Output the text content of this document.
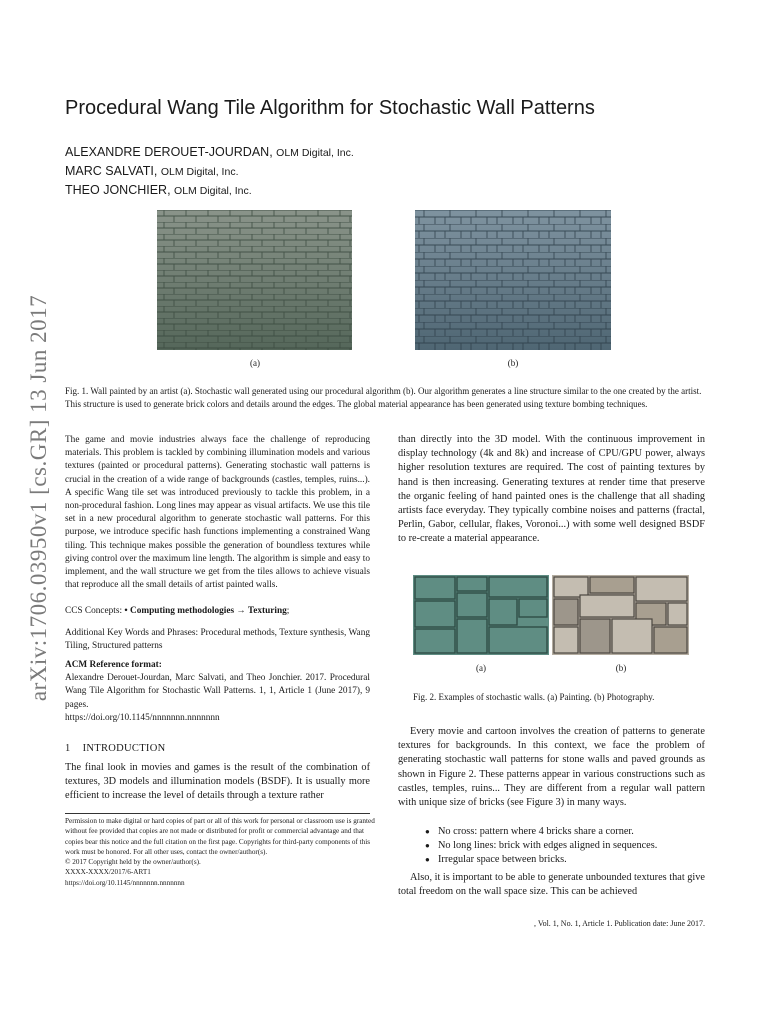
arXiv:1706.03950v1 [cs.GR] 13 Jun 2017
Procedural Wang Tile Algorithm for Stochastic Wall Patterns
ALEXANDRE DEROUET-JOURDAN, OLM Digital, Inc.
MARC SALVATI, OLM Digital, Inc.
THEO JONCHIER, OLM Digital, Inc.
(a)	(b)
Fig. 1. Wall painted by an artist (a). Stochastic wall generated using our procedural algorithm (b). Our algorithm generates a line structure similar to the one created by the artist. This structure is used to generate brick colors and details around the edges. The global material appearance has been generated using texture bombing techniques.

The game and movie industries always face the challenge of reproducing materials. This problem is tackled by combining illumination models and various textures (painted or procedural patterns). Generating stochastic wall patterns is crucial in the creation of a wide range of backgrounds (castles, temples, ruins...). A specific Wang tile set was introduced previously to tackle this problem, in a non-procedural fashion. Long lines may appear as visual artifacts. We use this tile set in a new procedural algorithm to generate stochastic wall patterns. For this purpose, we introduce specific hash functions implementing a constrained Wang tiling. This technique makes possible the generation of boundless textures while giving control over the maximum line length. The algorithm is simple and easy to implement, and the wall structure we get from the tiles allows to achieve visuals that reproduce all the small details of artist painted walls.

CCS Concepts: • Computing methodologies → Texturing;

Additional Key Words and Phrases: Procedural methods, Texture synthesis, Wang Tiling, Structured patterns

ACM Reference format:

Alexandre Derouet-Jourdan, Marc Salvati, and Theo Jonchier. 2017. Procedural Wang Tile Algorithm for Stochastic Wall Patterns. 1, 1, Article 1 (June 2017), 9 pages.

https://doi.org/10.1145/nnnnnnn.nnnnnnn

1 INTRODUCTION

The final look in movies and games is the result of the combination of textures, 3D models and illumination models (BSDF). It is usually more efficient to increase the level of details through a texture rather

Permission to make digital or hard copies of part or all of this work for personal or classroom use is granted without fee provided that copies are not made or distributed for profit or commercial advantage and that copies bear this notice and the full citation on the first page. Copyrights for third-party components of this work must be honored. For all other uses, contact the owner/author(s).

© 2017 Copyright held by the owner/author(s).

XXXX-XXXX/2017/6-ART1

https://doi.org/10.1145/nnnnnnn.nnnnnnn

than directly into the 3D model. With the continuous improvement in display technology (4k and 8k) and increase of CPU/GPU power, always higher resolution textures are required. The cost of painting textures by hand is then increasing. Generating textures at render time that preserve the organic feeling of hand painted ones is the challenge that all shading artists face everyday. They typically combine noises and patterns (fractal, Perlin, Gabor, cellular, flakes, Voronoi...) with some well designed BSDF to re-create a material appearance.

(a)	(b)
Fig. 2. Examples of stochastic walls. (a) Painting. (b) Photography.

Every movie and cartoon involves the creation of patterns to generate textures for backgrounds. In this context, we face the problem of generating stochastic wall patterns for stone walls and paved grounds as shown in Figure 2. These patterns appear in various constructions such as castles, temples, ruins... They are different from a regular wall pattern with unique size of bricks (see Figure 3) in many ways.

● No cross: pattern where 4 bricks share a corner.
● No long lines: brick with edges aligned in sequences.
● Irregular space between bricks.

Also, it is important to be able to generate unbounded textures that give total freedom on the wall space size. This can be achieved

, Vol. 1, No. 1, Article 1. Publication date: June 2017.
